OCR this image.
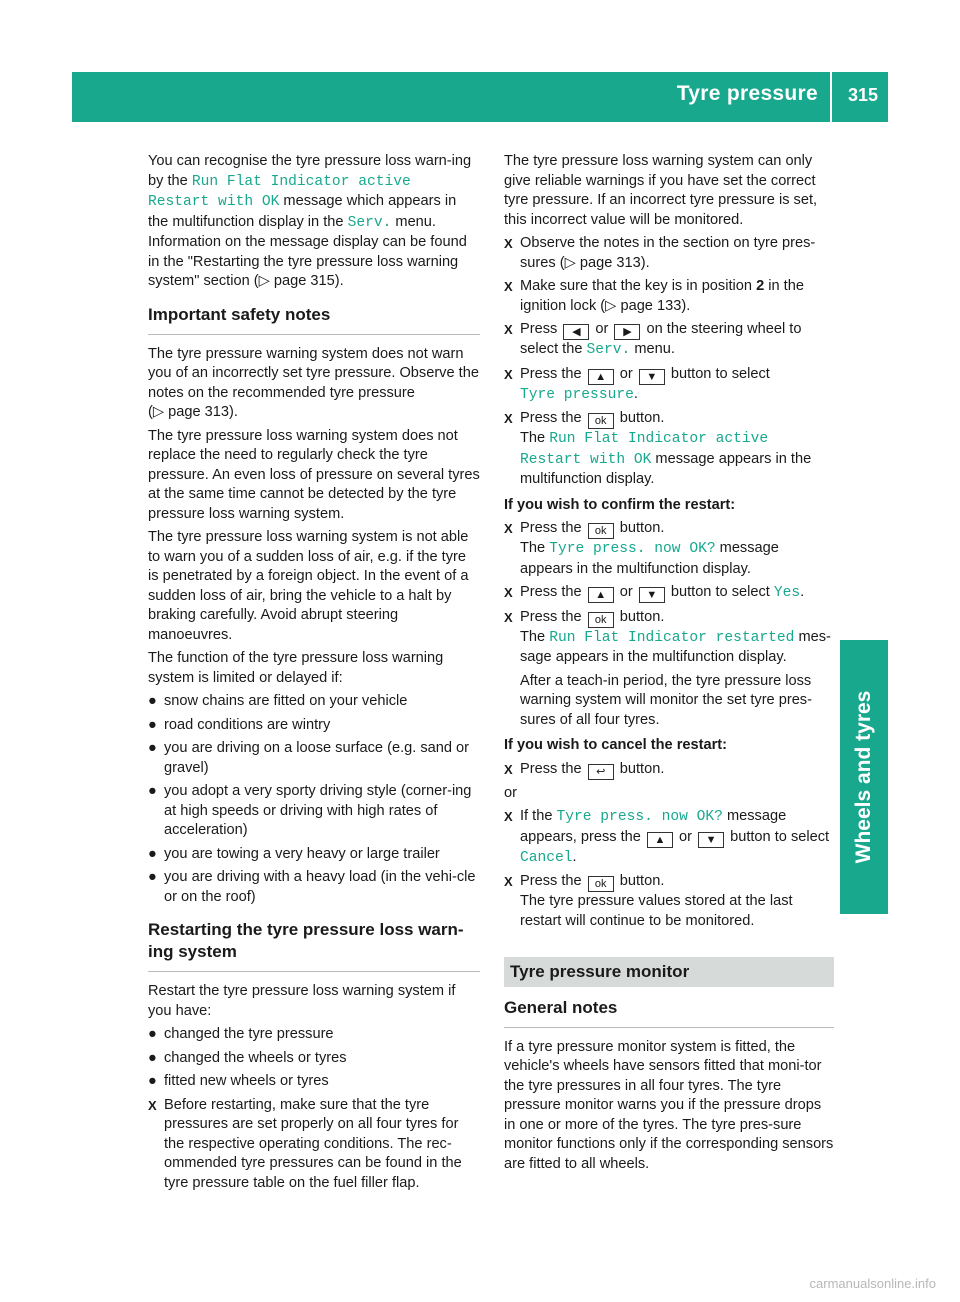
Tyre pressure 315
Wheels and tyres

You can recognise the tyre pressure loss warn-ing by the Run Flat Indicator active
Restart with OK message which appears in the multifunction display in the Serv. menu. Information on the message display can be found in the "Restarting the tyre pressure loss warning system" section (▷ page 315).

Important safety notes

The tyre pressure warning system does not warn you of an incorrectly set tyre pressure. Observe the notes on the recommended tyre pressure
(▷ page 313).

The tyre pressure loss warning system does not replace the need to regularly check the tyre pressure. An even loss of pressure on several tyres at the same time cannot be detected by the tyre pressure loss warning system.

The tyre pressure loss warning system is not able to warn you of a sudden loss of air, e.g. if the tyre is penetrated by a foreign object. In the event of a sudden loss of air, bring the vehicle to a halt by braking carefully. Avoid abrupt steering manoeuvres.

The function of the tyre pressure loss warning system is limited or delayed if:

● snow chains are fitted on your vehicle
● road conditions are wintry
● you are driving on a loose surface (e.g. sand or gravel)
● you adopt a very sporty driving style (corner-ing at high speeds or driving with high rates of acceleration)
● you are towing a very heavy or large trailer
● you are driving with a heavy load (in the vehi-cle or on the roof)
Restarting the tyre pressure loss warn-ing system

Restart the tyre pressure loss warning system if you have:

● changed the tyre pressure
● changed the wheels or tyres
● fitted new wheels or tyres
X Before restarting, make sure that the tyre pressures are set properly on all four tyres for the respective operating conditions. The rec-ommended tyre pressures can be found in the tyre pressure table on the fuel filler flap.

The tyre pressure loss warning system can only give reliable warnings if you have set the correct tyre pressure. If an incorrect tyre pressure is set, this incorrect value will be monitored.

X Observe the notes in the section on tyre pres-sures (▷ page 313).
X Make sure that the key is in position 2 in the ignition lock (▷ page 133).
X Press ◀ or ▶ on the steering wheel to select the Serv. menu.
X Press the ▲ or ▼ button to select
Tyre pressure.
X Press the ok button.
The Run Flat Indicator active
Restart with OK message appears in the multifunction display.
If you wish to confirm the restart:
X Press the ok button.
The Tyre press. now OK? message appears in the multifunction display.
X Press the ▲ or ▼ button to select Yes.
X Press the ok button.
The Run Flat Indicator restarted mes-sage appears in the multifunction display.

After a teach-in period, the tyre pressure loss warning system will monitor the set tyre pres-sures of all four tyres.

If you wish to cancel the restart:
X Press the ↩ button.

or

X If the Tyre press. now OK? message appears, press the ▲ or ▼ button to select Cancel.
X Press the ok button.
The tyre pressure values stored at the last restart will continue to be monitored.
Tyre pressure monitor
General notes

If a tyre pressure monitor system is fitted, the vehicle's wheels have sensors fitted that moni-tor the tyre pressures in all four tyres. The tyre pressure monitor warns you if the pressure drops in one or more of the tyres. The tyre pres-sure monitor functions only if the corresponding sensors are fitted to all wheels.

carmanualsonline.info
